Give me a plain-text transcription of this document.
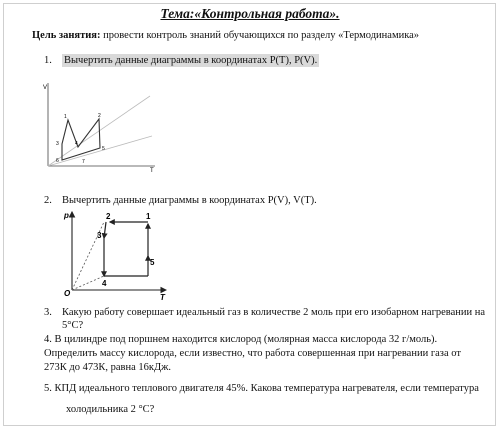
Тема:«Контрольная работа».
Цель занятия: провести контроль знаний обучающихся по разделу «Термодинамика»
1. Вычертить данные диаграммы в координатах P(T), P(V).
V
T
1	2
3	4
5
6	7
2. Вычертить данные диаграммы в координатах P(V), V(T).
p
T
O
1
2
3
4
5
3. Какую работу совершает идеальный газ в количестве 2 моль при его изобарном нагревании на
5°С?
4. В цилиндре под поршнем находится кислород (молярная масса кислорода 32 г/моль).
Определить массу кислорода, если известно, что работа совершенная при нагревании газа от
273К до 473К, равна 16кДж.
5. КПД идеального теплового двигателя 45%. Какова температура нагревателя, если температура
холодильника 2 °С?
